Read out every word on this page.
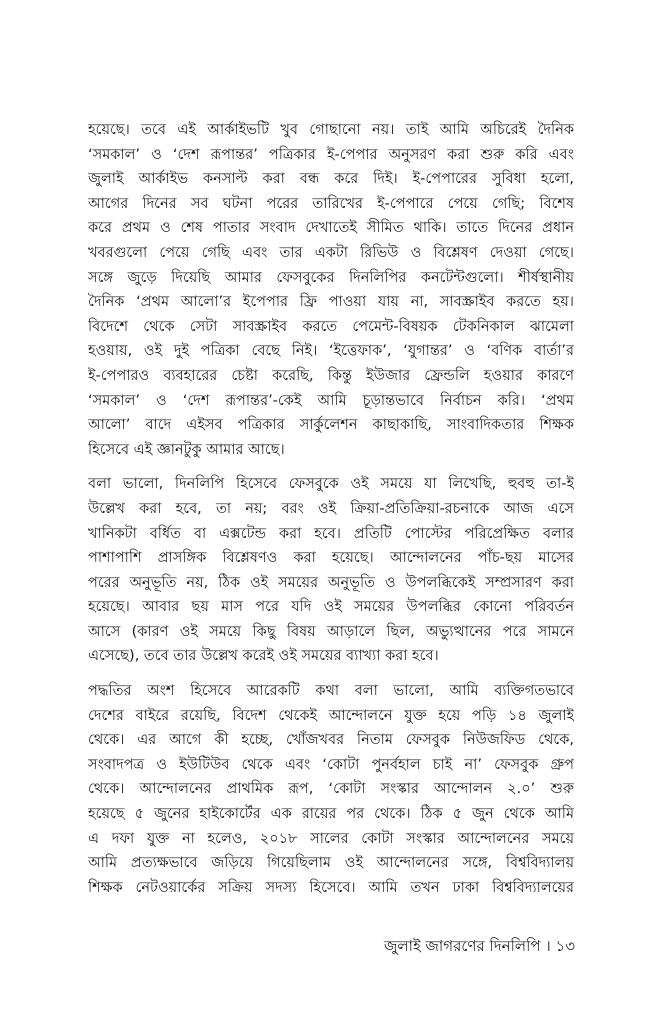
হয়েছে। তবে এই আর্কাইভটি খুব গোছানো নয়। তাই আমি অচিরেই দৈনিক
‘সমকাল’ ও ‘দেশ রূপান্তর’ পত্রিকার ই-পেপার অনুসরণ করা শুরু করি এবং
জুলাই আর্কাইভ কনসাল্ট করা বন্ধ করে দিই। ই-পেপারের সুবিধা হলো,
আগের দিনের সব ঘটনা পরের তারিখের ই-পেপারে পেয়ে গেছি; বিশেষ
করে প্রথম ও শেষ পাতার সংবাদ দেখাতেই সীমিত থাকি। তাতে দিনের প্রধান
খবরগুলো পেয়ে গেছি এবং তার একটা রিভিউ ও বিশ্লেষণ দেওয়া গেছে।
সঙ্গে জুড়ে দিয়েছি আমার ফেসবুকের দিনলিপির কনটেন্টগুলো। শীর্ষস্থানীয়
দৈনিক ‘প্রথম আলো’র ইপেপার ফ্রি পাওয়া যায় না, সাবস্ক্রাইব করতে হয়।
বিদেশে থেকে সেটা সাবস্ক্রাইব করতে পেমেন্ট-বিষয়ক টেকনিকাল ঝামেলা
হওয়ায়, ওই দুই পত্রিকা বেছে নিই। ‘ইত্তেফাক’, ‘যুগান্তর’ ও ‘বণিক বার্তা’র
ই-পেপারও ব্যবহারের চেষ্টা করেছি, কিন্তু ইউজার ফ্রেন্ডলি হওয়ার কারণে
‘সমকাল’ ও ‘দেশ রূপান্তর’-কেই আমি চূড়ান্তভাবে নির্বাচন করি। ‘প্রথম
আলো’ বাদে এইসব পত্রিকার সার্কুলেশন কাছাকাছি, সাংবাদিকতার শিক্ষক
হিসেবে এই জ্ঞানটুকু আমার আছে।
বলা ভালো, দিনলিপি হিসেবে ফেসবুকে ওই সময়ে যা লিখেছি, হুবহু তা-ই
উল্লেখ করা হবে, তা নয়; বরং ওই ক্রিয়া-প্রতিক্রিয়া-রচনাকে আজ এসে
খানিকটা বর্ধিত বা এক্সটেন্ড করা হবে। প্রতিটি পোস্টের পরিপ্রেক্ষিত বলার
পাশাপাশি প্রাসঙ্গিক বিশ্লেষণও করা হয়েছে। আন্দোলনের পাঁচ-ছয় মাসের
পরের অনুভূতি নয়, ঠিক ওই সময়ের অনুভূতি ও উপলব্ধিকেই সম্প্রসারণ করা
হয়েছে। আবার ছয় মাস পরে যদি ওই সময়ের উপলব্ধির কোনো পরিবর্তন
আসে (কারণ ওই সময়ে কিছু বিষয় আড়ালে ছিল, অভ্যুত্থানের পরে সামনে
এসেছে), তবে তার উল্লেখ করেই ওই সময়ের ব্যাখ্যা করা হবে।
পদ্ধতির অংশ হিসেবে আরেকটি কথা বলা ভালো, আমি ব্যক্তিগতভাবে
দেশের বাইরে রয়েছি, বিদেশ থেকেই আন্দোলনে যুক্ত হয়ে পড়ি ১৪ জুলাই
থেকে। এর আগে কী হচ্ছে, খোঁজখবর নিতাম ফেসবুক নিউজফিড থেকে,
সংবাদপত্র ও ইউটিউব থেকে এবং ‘কোটা পুনর্বহাল চাই না’ ফেসবুক গ্রুপ
থেকে। আন্দোলনের প্রাথমিক রূপ, ‘কোটা সংস্কার আন্দোলন ২.০’ শুরু
হয়েছে ৫ জুনের হাইকোর্টের এক রায়ের পর থেকে। ঠিক ৫ জুন থেকে আমি
এ দফা যুক্ত না হলেও, ২০১৮ সালের কোটা সংস্কার আন্দোলনের সময়ে
আমি প্রত্যক্ষভাবে জড়িয়ে গিয়েছিলাম ওই আন্দোলনের সঙ্গে, বিশ্ববিদ্যালয়
শিক্ষক নেটওয়ার্কের সক্রিয় সদস্য হিসেবে। আমি তখন ঢাকা বিশ্ববিদ্যালয়ের
জুলাই জাগরণের দিনলিপি । ১৩
